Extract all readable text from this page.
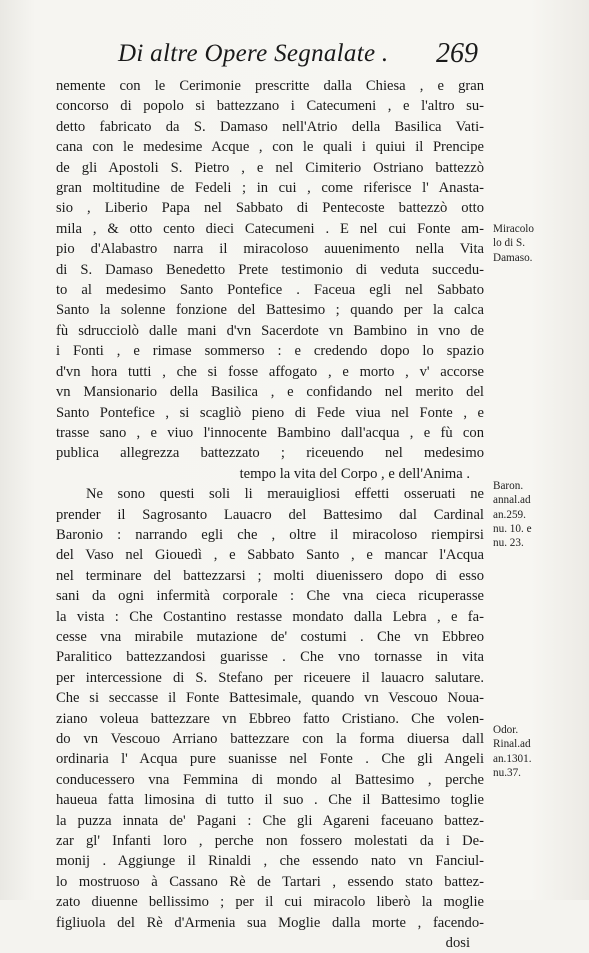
Di altre Opere Segnalate . 269
nemente con le Cerimonie prescritte dalla Chiesa , e gran
concorso di popolo si battezzano i Catecumeni , e l'altro su-
detto fabricato da S. Damaso nell'Atrio della Basilica Vati-
cana con le medesime Acque , con le quali i quiui il Prencipe
de gli Apostoli S. Pietro , e nel Cimiterio Ostriano battezzò
gran moltitudine de Fedeli ; in cui , come riferisce l' Anasta-
sio , Liberio Papa nel Sabbato di Pentecoste battezzò otto
mila , & otto cento dieci Catecumeni . E nel cui Fonte am-
pio d'Alabastro narra il miracoloso auuenimento nella Vita
di S. Damaso Benedetto Prete testimonio di veduta succedu-
to al medesimo Santo Pontefice . Faceua egli nel Sabbato
Santo la solenne fonzione del Battesimo ; quando per la calca
fù sdrucciolò dalle mani d'vn Sacerdote vn Bambino in vno de
i Fonti , e rimase sommerso : e credendo dopo lo spazio
d'vn hora tutti , che si fosse affogato , e morto , v' accorse
vn Mansionario della Basilica , e confidando nel merito del
Santo Pontefice , si scagliò pieno di Fede viua nel Fonte , e
trasse sano , e viuo l'innocente Bambino dall'acqua , e fù con
publica allegrezza battezzato ; riceuendo nel medesimo
tempo la vita del Corpo , e dell'Anima .
Ne sono questi soli li merauigliosi effetti osseruati ne
prender il Sagrosanto Lauacro del Battesimo dal Cardinal
Baronio : narrando egli che , oltre il miracoloso riempirsi
del Vaso nel Giouedì , e Sabbato Santo , e mancar l'Acqua
nel terminare del battezzarsi ; molti diuenissero dopo di esso
sani da ogni infermità corporale : Che vna cieca ricuperasse
la vista : Che Costantino restasse mondato dalla Lebra , e fa-
cesse vna mirabile mutazione de' costumi . Che vn Ebbreo
Paralitico battezzandosi guarisse . Che vno tornasse in vita
per intercessione di S. Stefano per riceuere il lauacro salutare.
Che si seccasse il Fonte Battesimale, quando vn Vescouo Noua-
ziano voleua battezzare vn Ebbreo fatto Cristiano. Che volen-
do vn Vescouo Arriano battezzare con la forma diuersa dall
ordinaria l' Acqua pure suanisse nel Fonte . Che gli Angeli
conducessero vna Femmina di mondo al Battesimo , perche
haueua fatta limosina di tutto il suo . Che il Battesimo toglie
la puzza innata de' Pagani : Che gli Agareni faceuano battez-
zar gl' Infanti loro , perche non fossero molestati da i De-
monij . Aggiunge il Rinaldi , che essendo nato vn Fanciul-
lo mostruoso à Cassano Rè de Tartari , essendo stato battez-
zato diuenne bellissimo ; per il cui miracolo liberò la moglie
figliuola del Rè d'Armenia sua Moglie dalla morte , facendo-
dosi
Miracolo
lo di S.
Damaso.
Baron.
annal.ad
an.259.
nu. 10. e
nu. 23.
Odor.
Rinal.ad
an.1301.
nu.37.
